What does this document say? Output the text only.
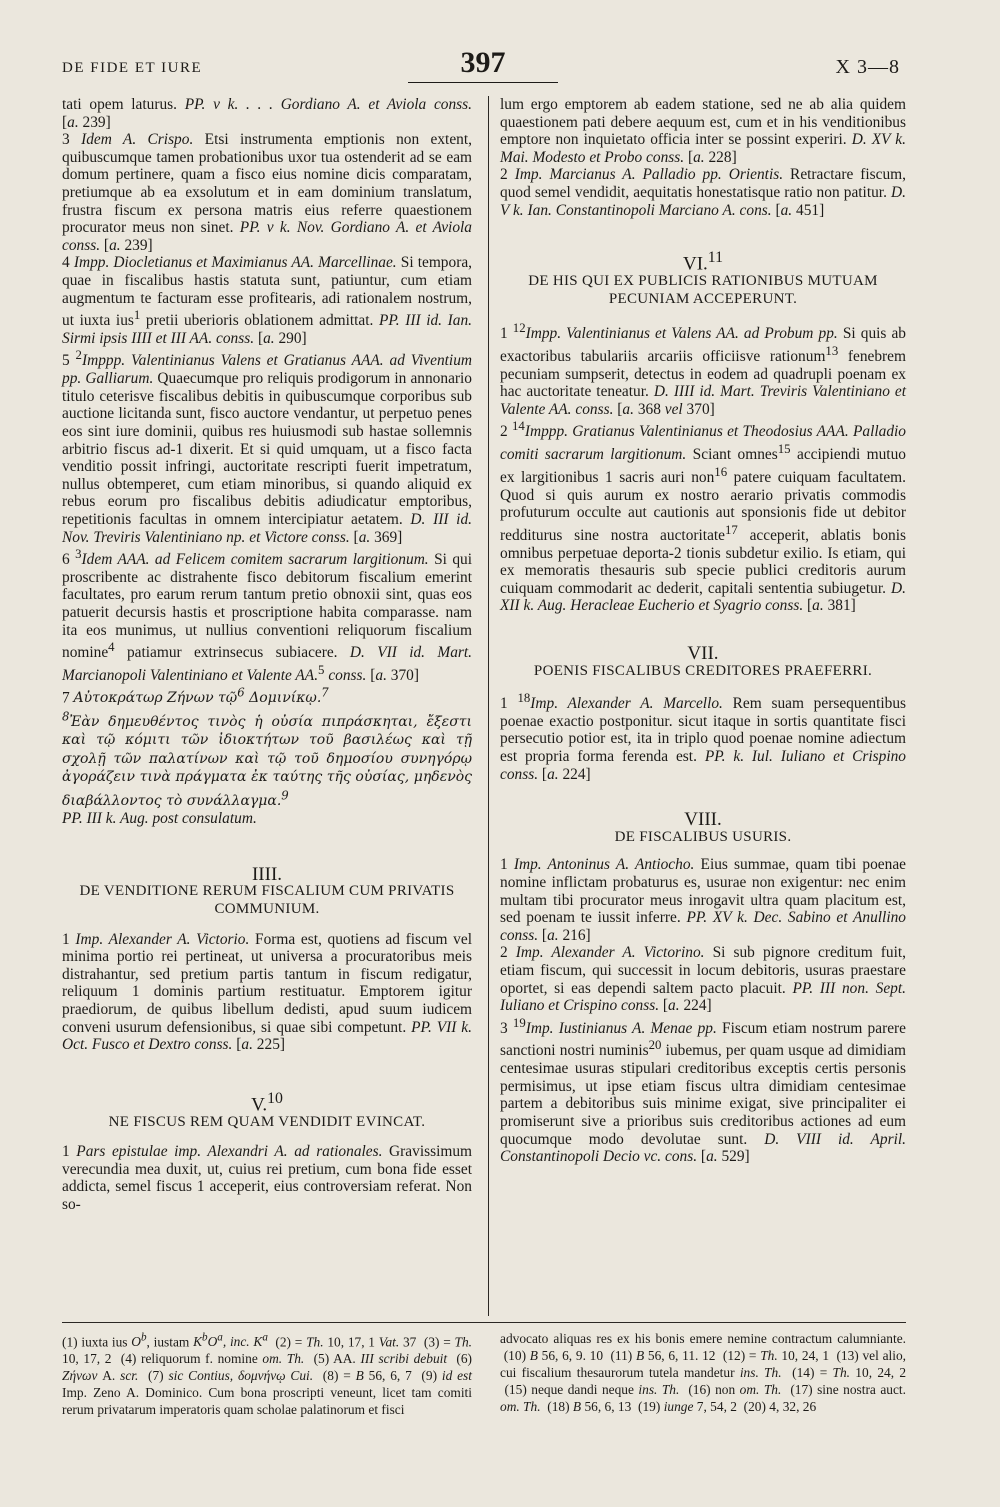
DE FIDE ET IURE	397	X 3—8

tati opem laturus. PP. v k. . . . Gordiano A. et Aviola conss. [a. 239]

3 Idem A. Crispo. Etsi instrumenta emptionis non extent, quibuscumque tamen probationibus uxor tua ostenderit ad se eam domum pertinere, quam a fisco eius nomine dicis comparatam, pretiumque ab ea exsolutum et in eam dominium translatum, frustra fiscum ex persona matris eius referre quaestionem procurator meus non sinet. PP. v k. Nov. Gordiano A. et Aviola conss. [a. 239]

4 Impp. Diocletianus et Maximianus AA. Marcellinae. Si tempora, quae in fiscalibus hastis statuta sunt, patiuntur, cum etiam augmentum te facturam esse profitearis, adi rationalem nostrum, ut iuxta ius$^1$ pretii uberioris oblationem admittat. PP. III id. Ian. Sirmi ipsis IIII et III AA. conss. [a. 290]

5 $^2$Imppp. Valentinianus Valens et Gratianus AAA. ad Viventium pp. Galliarum. Quaecumque pro reliquis prodigorum in annonario titulo ceterisve fiscalibus debitis in quibuscumque corporibus sub auctione licitanda sunt, fisco auctore vendantur, ut perpetuo penes eos sint iure dominii, quibus res huiusmodi sub hastae sollemnis arbitrio fiscus ad-1 dixerit. Et si quid umquam, ut a fisco facta venditio possit infringi, auctoritate rescripti fuerit impetratum, nullus obtemperet, cum etiam minoribus, si quando aliquid ex rebus eorum pro fiscalibus debitis adiudicatur emptoribus, repetitionis facultas in omnem intercipiatur aetatem. D. III id. Nov. Treviris Valentiniano np. et Victore conss. [a. 369]

6 $^3$Idem AAA. ad Felicem comitem sacrarum largitionum. Si qui proscribente ac distrahente fisco debitorum fiscalium emerint facultates, pro earum rerum tantum pretio obnoxii sint, quas eos patuerit decursis hastis et proscriptione habita comparasse. nam ita eos munimus, ut nullius conventioni reliquorum fiscalium nomine$^4$ patiamur extrinsecus subiacere. D. VII id. Mart. Marcianopoli Valentiniano et Valente AA.$^5$ conss. [a. 370]

7 Αὐτοκράτωρ Ζήνων τῷ$^6$ Δομινίκῳ.$^7$

$^8$Ἐὰν δημευθέντος τινὸς ἡ οὐσία πιπράσκηται, ἔξεστι καὶ τῷ κόμιτι τῶν ἰδιοκτήτων τοῦ βασιλέως καὶ τῇ σχολῇ τῶν παλατίνων καὶ τῷ τοῦ δημοσίου συνηγόρῳ ἀγοράζειν τινὰ πράγματα ἐκ ταύτης τῆς οὐσίας, μηδενὸς διαβάλλοντος τὸ συνάλλαγμα.$^9$

PP. III k. Aug. post consulatum.

IIII.

DE VENDITIONE RERUM FISCALIUM CUM PRIVATIS COMMUNIUM.

1 Imp. Alexander A. Victorio. Forma est, quotiens ad fiscum vel minima portio rei pertineat, ut universa a procuratoribus meis distrahantur, sed pretium partis tantum in fiscum redigatur, reliquum 1 dominis partium restituatur. Emptorem igitur praediorum, de quibus libellum dedisti, apud suum iudicem conveni usurum defensionibus, si quae sibi competunt. PP. VII k. Oct. Fusco et Dextro conss. [a. 225]

V.$^{10}$

NE FISCUS REM QUAM VENDIDIT EVINCAT.

1 Pars epistulae imp. Alexandri A. ad rationales. Gravissimum verecundia mea duxit, ut, cuius rei pretium, cum bona fide esset addicta, semel fiscus 1 acceperit, eius controversiam referat. Non so-

lum ergo emptorem ab eadem statione, sed ne ab alia quidem quaestionem pati debere aequum est, cum et in his venditionibus emptore non inquietato officia inter se possint experiri. D. XV k. Mai. Modesto et Probo conss. [a. 228]

2 Imp. Marcianus A. Palladio pp. Orientis. Retractare fiscum, quod semel vendidit, aequitatis honestatisque ratio non patitur. D. V k. Ian. Constantinopoli Marciano A. cons. [a. 451]

VI.$^{11}$

DE HIS QUI EX PUBLICIS RATIONIBUS MUTUAM PECUNIAM ACCEPERUNT.

1 $^{12}$Impp. Valentinianus et Valens AA. ad Probum pp. Si quis ab exactoribus tabulariis arcariis officiisve rationum$^{13}$ fenebrem pecuniam sumpserit, detectus in eodem ad quadrupli poenam ex hac auctoritate teneatur. D. IIII id. Mart. Treviris Valentiniano et Valente AA. conss. [a. 368 vel 370]

2 $^{14}$Imppp. Gratianus Valentinianus et Theodosius AAA. Palladio comiti sacrarum largitionum. Sciant omnes$^{15}$ accipiendi mutuo ex largitionibus 1 sacris auri non$^{16}$ patere cuiquam facultatem. Quod si quis aurum ex nostro aerario privatis commodis profuturum occulte aut cautionis aut sponsionis fide ut debitor redditurus sine nostra auctoritate$^{17}$ acceperit, ablatis bonis omnibus perpetuae deporta-2 tionis subdetur exilio. Is etiam, qui ex memoratis thesauris sub specie publici creditoris aurum cuiquam commodarit ac dederit, capitali sententia subiugetur. D. XII k. Aug. Heracleae Eucherio et Syagrio conss. [a. 381]

VII.

POENIS FISCALIBUS CREDITORES PRAEFERRI.

1 $^{18}$Imp. Alexander A. Marcello. Rem suam persequentibus poenae exactio postponitur. sicut itaque in sortis quantitate fisci persecutio potior est, ita in triplo quod poenae nomine adiectum est propria forma ferenda est. PP. k. Iul. Iuliano et Crispino conss. [a. 224]

VIII.

DE FISCALIBUS USURIS.

1 Imp. Antoninus A. Antiocho. Eius summae, quam tibi poenae nomine inflictam probaturus es, usurae non exigentur: nec enim multam tibi procurator meus inrogavit ultra quam placitum est, sed poenam te iussit inferre. PP. XV k. Dec. Sabino et Anullino conss. [a. 216]

2 Imp. Alexander A. Victorino. Si sub pignore creditum fuit, etiam fiscum, qui successit in locum debitoris, usuras praestare oportet, si eas dependi saltem pacto placuit. PP. III non. Sept. Iuliano et Crispino conss. [a. 224]

3 $^{19}$Imp. Iustinianus A. Menae pp. Fiscum etiam nostrum parere sanctioni nostri numinis$^{20}$ iubemus, per quam usque ad dimidiam centesimae usuras stipulari creditoribus exceptis certis personis permisimus, ut ipse etiam fiscus ultra dimidiam centesimae partem a debitoribus suis minime exigat, sive principaliter ei promiserunt sive a prioribus suis creditoribus actiones ad eum quocumque modo devolutae sunt. D. VIII id. April. Constantinopoli Decio vc. cons. [a. 529]

(1) iuxta ius $O^b$, iustam $K^bO^a$, inc. $K^a$  (2) = Th. 10, 17, 1 Vat. 37  (3) = Th. 10, 17, 2  (4) reliquorum f. nomine om. Th.  (5) AA. III scribi debuit  (6) Ζήνων A. scr.  (7) sic Contius, δομνήνῳ Cui.  (8) = B 56, 6, 7  (9) id est Imp. Zeno A. Dominico. Cum bona proscripti veneunt, licet tam comiti rerum privatarum imperatoris quam scholae palatinorum et fisci
advocato aliquas res ex his bonis emere nemine contractum calumniante.  (10) B 56, 6, 9. 10  (11) B 56, 6, 11. 12  (12) = Th. 10, 24, 1  (13) vel alio, cui fiscalium thesaurorum tutela mandetur ins. Th.  (14) = Th. 10, 24, 2  (15) neque dandi neque ins. Th.  (16) non om. Th.  (17) sine nostra auct. om. Th.  (18) B 56, 6, 13  (19) iunge 7, 54, 2  (20) 4, 32, 26
